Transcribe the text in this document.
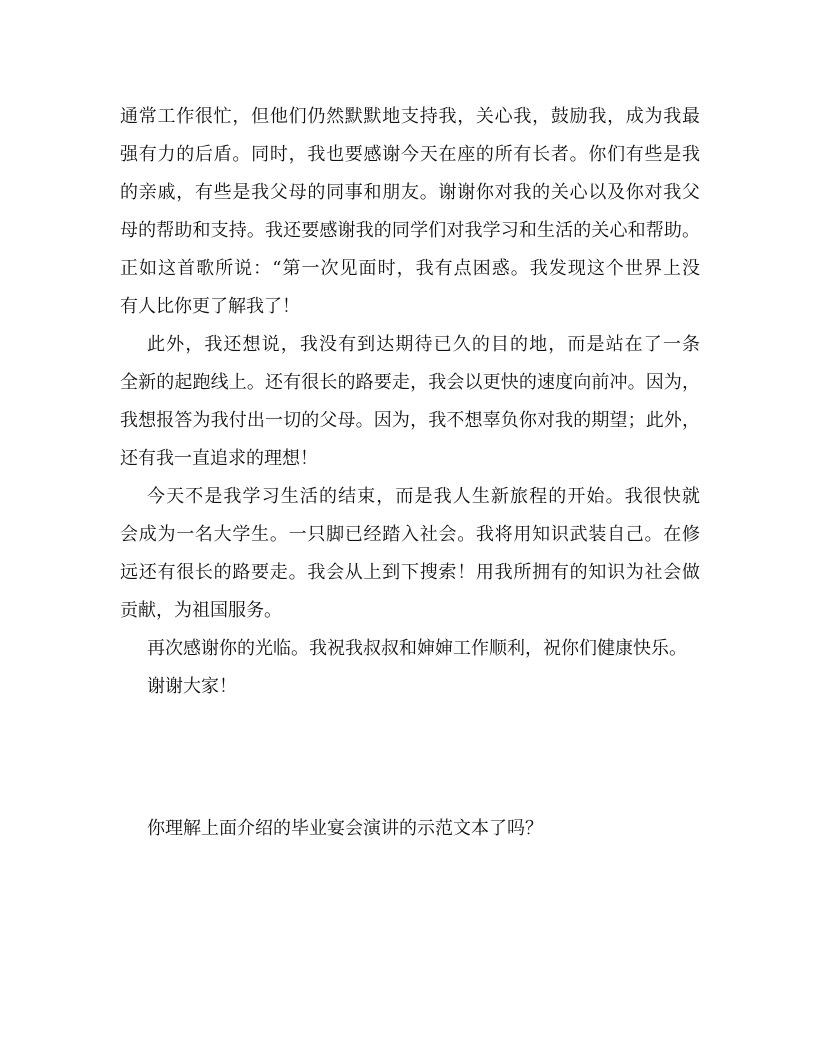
通常工作很忙，但他们仍然默默地支持我，关心我，鼓励我，成为我最
强有力的后盾。同时，我也要感谢今天在座的所有长者。你们有些是我
的亲戚，有些是我父母的同事和朋友。谢谢你对我的关心以及你对我父
母的帮助和支持。我还要感谢我的同学们对我学习和生活的关心和帮助。
正如这首歌所说：“第一次见面时，我有点困惑。我发现这个世界上没
有人比你更了解我了！
此外，我还想说，我没有到达期待已久的目的地，而是站在了一条
全新的起跑线上。还有很长的路要走，我会以更快的速度向前冲。因为，
我想报答为我付出一切的父母。因为，我不想辜负你对我的期望；此外，
还有我一直追求的理想！
今天不是我学习生活的结束，而是我人生新旅程的开始。我很快就
会成为一名大学生。一只脚已经踏入社会。我将用知识武装自己。在修
远还有很长的路要走。我会从上到下搜索！用我所拥有的知识为社会做
贡献，为祖国服务。
再次感谢你的光临。我祝我叔叔和婶婶工作顺利，祝你们健康快乐。
谢谢大家！
你理解上面介绍的毕业宴会演讲的示范文本了吗？
